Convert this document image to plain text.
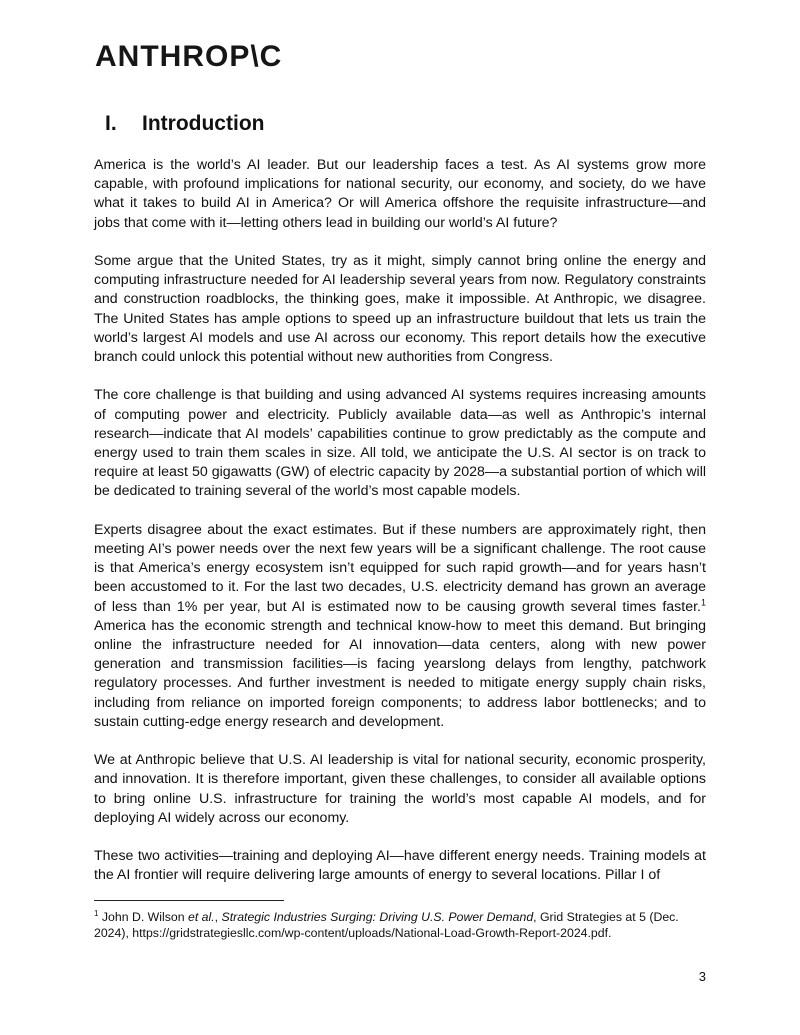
ANTHROP\C
I. Introduction

America is the world’s AI leader. But our leadership faces a test. As AI systems grow more capable, with profound implications for national security, our economy, and society, do we have what it takes to build AI in America? Or will America offshore the requisite infrastructure—and jobs that come with it—letting others lead in building our world’s AI future?

Some argue that the United States, try as it might, simply cannot bring online the energy and computing infrastructure needed for AI leadership several years from now. Regulatory constraints and construction roadblocks, the thinking goes, make it impossible. At Anthropic, we disagree. The United States has ample options to speed up an infrastructure buildout that lets us train the world’s largest AI models and use AI across our economy. This report details how the executive branch could unlock this potential without new authorities from Congress.

The core challenge is that building and using advanced AI systems requires increasing amounts of computing power and electricity. Publicly available data—as well as Anthropic’s internal research—indicate that AI models’ capabilities continue to grow predictably as the compute and energy used to train them scales in size. All told, we anticipate the U.S. AI sector is on track to require at least 50 gigawatts (GW) of electric capacity by 2028—a substantial portion of which will be dedicated to training several of the world’s most capable models.

Experts disagree about the exact estimates. But if these numbers are approximately right, then meeting AI’s power needs over the next few years will be a significant challenge. The root cause is that America’s energy ecosystem isn’t equipped for such rapid growth—and for years hasn’t been accustomed to it. For the last two decades, U.S. electricity demand has grown an average of less than 1% per year, but AI is estimated now to be causing growth several times faster.$^1$ America has the economic strength and technical know-how to meet this demand. But bringing online the infrastructure needed for AI innovation—data centers, along with new power generation and transmission facilities—is facing yearslong delays from lengthy, patchwork regulatory processes. And further investment is needed to mitigate energy supply chain risks, including from reliance on imported foreign components; to address labor bottlenecks; and to sustain cutting-edge energy research and development.

We at Anthropic believe that U.S. AI leadership is vital for national security, economic prosperity, and innovation. It is therefore important, given these challenges, to consider all available options to bring online U.S. infrastructure for training the world’s most capable AI models, and for deploying AI widely across our economy.

These two activities—training and deploying AI—have different energy needs. Training models at the AI frontier will require delivering large amounts of energy to several locations. Pillar I of

$^1$ John D. Wilson et al., Strategic Industries Surging: Driving U.S. Power Demand, Grid Strategies at 5 (Dec. 2024), https://gridstrategiesllc.com/wp-content/uploads/National-Load-Growth-Report-2024.pdf.
3
